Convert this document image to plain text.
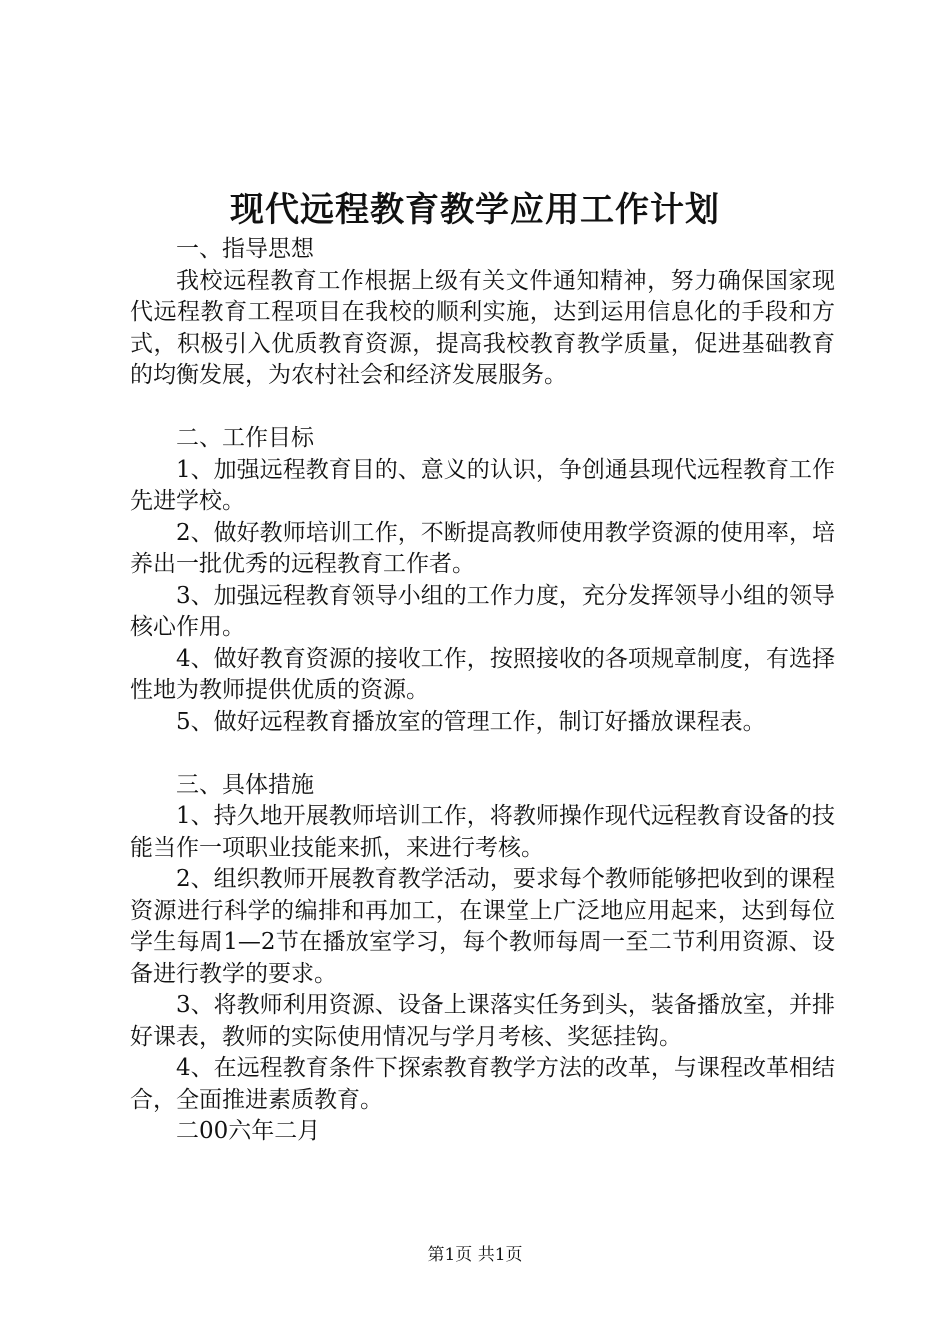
现代远程教育教学应用工作计划

一、指导思想

我校远程教育工作根据上级有关文件通知精神，努力确保国家现代远程教育工程项目在我校的顺利实施，达到运用信息化的手段和方式，积极引入优质教育资源，提高我校教育教学质量，促进基础教育的均衡发展，为农村社会和经济发展服务。

二、工作目标

1、加强远程教育目的、意义的认识，争创通县现代远程教育工作先进学校。

2、做好教师培训工作，不断提高教师使用教学资源的使用率，培养出一批优秀的远程教育工作者。

3、加强远程教育领导小组的工作力度，充分发挥领导小组的领导核心作用。

4、做好教育资源的接收工作，按照接收的各项规章制度，有选择性地为教师提供优质的资源。

5、做好远程教育播放室的管理工作，制订好播放课程表。

三、具体措施

1、持久地开展教师培训工作，将教师操作现代远程教育设备的技能当作一项职业技能来抓，来进行考核。

2、组织教师开展教育教学活动，要求每个教师能够把收到的课程资源进行科学的编排和再加工，在课堂上广泛地应用起来，达到每位学生每周1—2节在播放室学习，每个教师每周一至二节利用资源、设备进行教学的要求。

3、将教师利用资源、设备上课落实任务到头，装备播放室，并排好课表，教师的实际使用情况与学月考核、奖惩挂钩。

4、在远程教育条件下探索教育教学方法的改革，与课程改革相结合，全面推进素质教育。

二00六年二月

第1页 共1页
